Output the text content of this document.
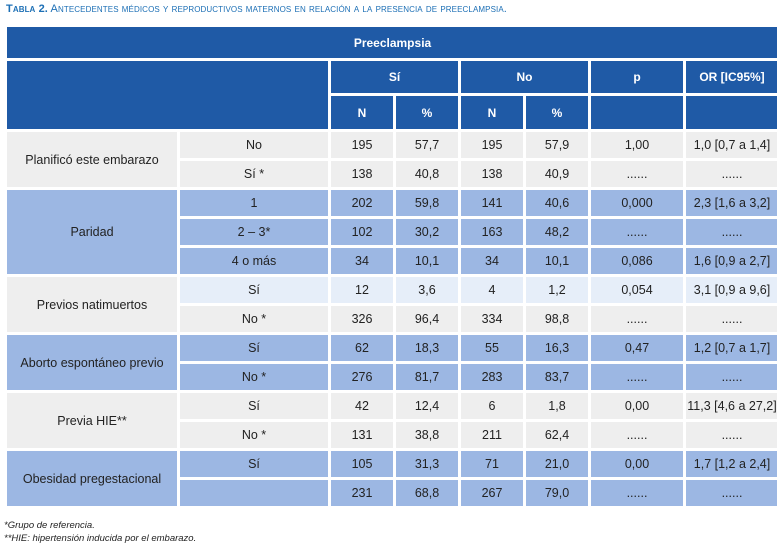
Tabla 2. Antecedentes médicos y reproductivos maternos en relación a la presencia de preeclampsia.
Preeclampsia							
		Sí		No		p	OR [IC95%]
		N	%	N	%		
Planificó este embarazo	No	195	57,7	195	57,9	1,00	1,0 [0,7 a 1,4]
	Sí *	138	40,8	138	40,9	......	......
Paridad	1	202	59,8	141	40,6	0,000	2,3 [1,6 a 3,2]
	2 – 3*	102	30,2	163	48,2	......	......
	4 o más	34	10,1	34	10,1	0,086	1,6 [0,9 a 2,7]
Previos natimuertos	Sí	12	3,6	4	1,2	0,054	3,1 [0,9 a 9,6]
	No *	326	96,4	334	98,8	......	......
Aborto espontáneo previo	Sí	62	18,3	55	16,3	0,47	1,2 [0,7 a 1,7]
	No *	276	81,7	283	83,7	......	......
Previa HIE**	Sí	42	12,4	6	1,8	0,00	11,3 [4,6 a 27,2]
	No *	131	38,8	211	62,4	......	......
Obesidad pregestacional	Sí	105	31,3	71	21,0	0,00	1,7 [1,2 a 2,4]
		231	68,8	267	79,0	......	......
*Grupo de referencia.
**HIE: hipertensión inducida por el embarazo.
